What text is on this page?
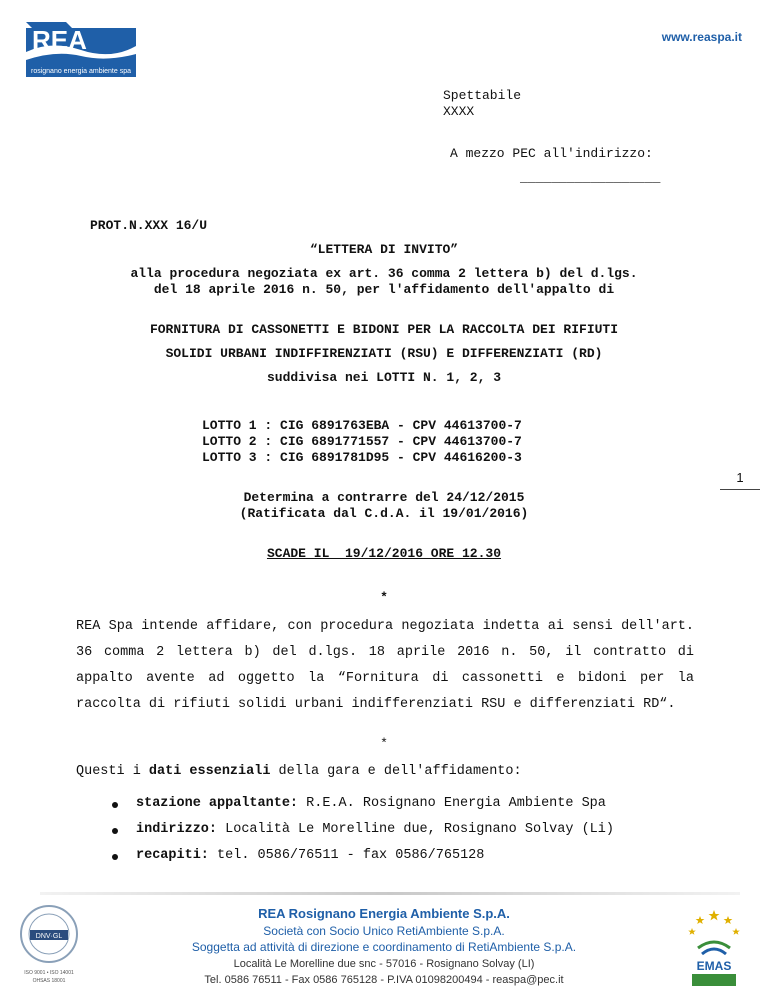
REA
rosignano energia ambiente spa
www.reaspa.it
Spettabile
XXXX
A mezzo PEC all'indirizzo:
__________________
PROT.N.XXX 16/U
“LETTERA DI INVITO”
alla procedura negoziata ex art. 36 comma 2 lettera b) del d.lgs.
del 18 aprile 2016 n. 50, per l'affidamento dell'appalto di
FORNITURA DI CASSONETTI E BIDONI PER LA RACCOLTA DEI RIFIUTI
SOLIDI URBANI INDIFFIRENZIATI (RSU) E DIFFERENZIATI (RD)
suddivisa nei LOTTI N. 1, 2, 3
LOTTO 1 : CIG 6891763EBA - CPV 44613700-7
LOTTO 2 : CIG 6891771557 - CPV 44613700-7
LOTTO 3 : CIG 6891781D95 - CPV 44616200-3
1
Determina a contrarre del 24/12/2015
(Ratificata dal C.d.A. il 19/01/2016)
SCADE IL  19/12/2016 ORE 12.30
*
REA Spa intende affidare, con procedura negoziata indetta ai sensi dell'art. 36 comma 2 lettera b) del d.lgs. 18 aprile 2016 n. 50, il contratto di appalto avente ad oggetto la “Fornitura di cassonetti e bidoni per la raccolta di rifiuti solidi urbani indifferenziati RSU e differenziati RD“.
*
Questi i dati essenziali della gara e dell'affidamento:
stazione appaltante: R.E.A. Rosignano Energia Ambiente Spa
indirizzo: Località Le Morelline due, Rosignano Solvay (Li)
recapiti: tel. 0586/76511 - fax 0586/765128
DNV·GL
ISO 9001 • ISO 14001
OHSAS 18001
REA Rosignano Energia Ambiente S.p.A.
Società con Socio Unico RetiAmbiente S.p.A.
Soggetta ad attività di direzione e coordinamento di RetiAmbiente S.p.A.
Località Le Morelline due snc - 57016 - Rosignano Solvay (LI)
Tel. 0586 76511 - Fax 0586 765128 - P.IVA 01098200494 - reaspa@pec.it
EMAS
